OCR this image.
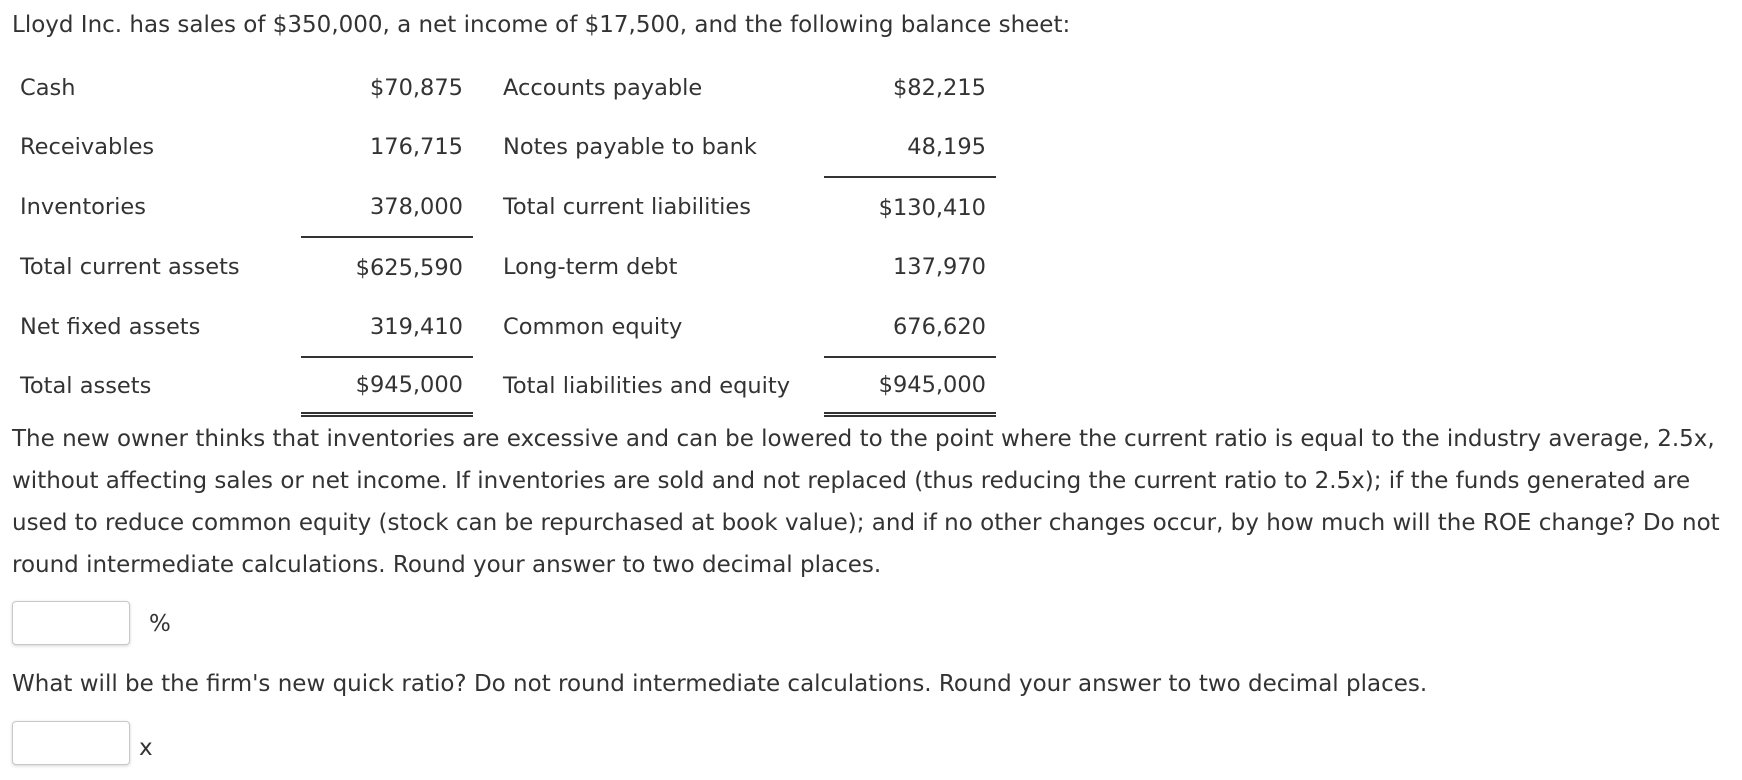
Lloyd Inc. has sales of $350,000, a net income of $17,500, and the following balance sheet:
Cash	$70,875	Accounts payable	$82,215
Receivables	176,715	Notes payable to bank	48,195
Inventories	378,000	Total current liabilities	$130,410
Total current assets	$625,590	Long-term debt	137,970
Net fixed assets	319,410	Common equity	676,620
Total assets	$945,000	Total liabilities and equity	$945,000
The new owner thinks that inventories are excessive and can be lowered to the point where the current ratio is equal to the industry average, 2.5x, without affecting sales or net income. If inventories are sold and not replaced (thus reducing the current ratio to 2.5x); if the funds generated are used to reduce common equity (stock can be repurchased at book value); and if no other changes occur, by how much will the ROE change? Do not round intermediate calculations. Round your answer to two decimal places.
%
What will be the firm's new quick ratio? Do not round intermediate calculations. Round your answer to two decimal places.
x
